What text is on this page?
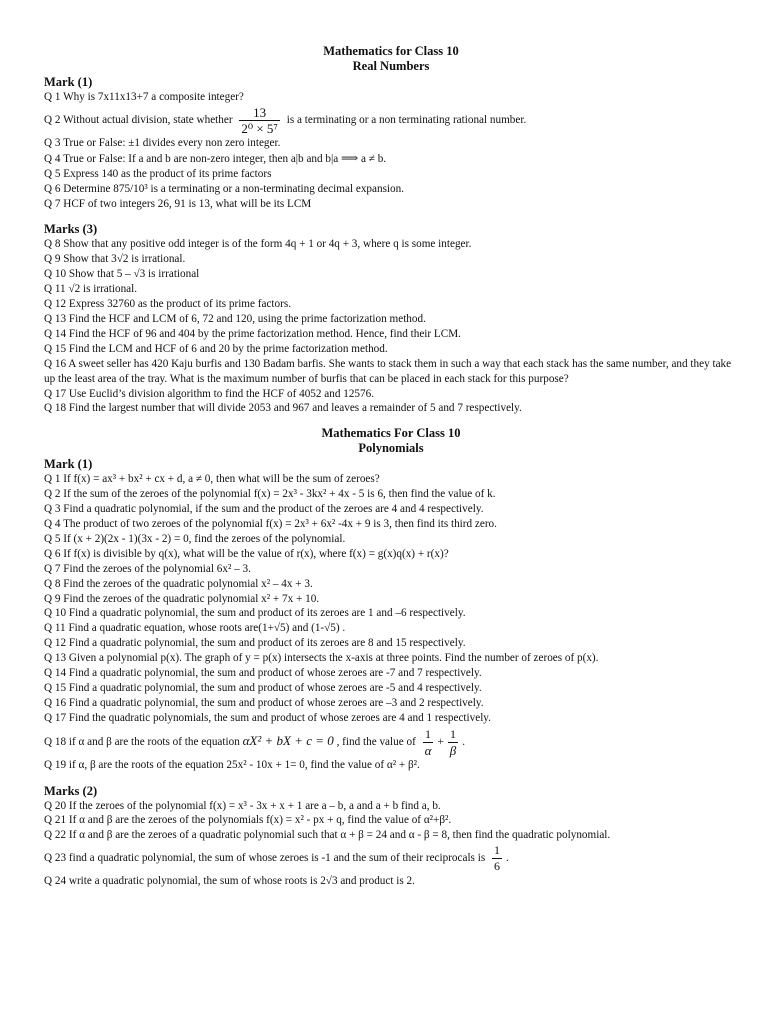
Mathematics for Class 10

Real Numbers

Mark (1)

Q 1 Why is 7x11x13+7 a composite integer?

Q 2 Without actual division, state whether $\frac{13}{\text{2⁰ × 5⁷}}$ is a terminating or a non terminating rational number.

Q 3 True or False: ±1 divides every non zero integer.

Q 4 True or False: If a and b are non-zero integer, then a|b and b|a ⟹ a ≠ b.

Q 5 Express 140 as the product of its prime factors

Q 6 Determine 875/10³ is a terminating or a non-terminating decimal expansion.

Q 7 HCF of two integers 26, 91 is 13, what will be its LCM

Marks (3)

Q 8 Show that any positive odd integer is of the form 4q + 1 or 4q + 3, where q is some integer.

Q 9 Show that 3√2 is irrational.

Q 10 Show that 5 – √3 is irrational

Q 11 √2 is irrational.

Q 12 Express 32760 as the product of its prime factors.

Q 13 Find the HCF and LCM of 6, 72 and 120, using the prime factorization method.

Q 14 Find the HCF of 96 and 404 by the prime factorization method. Hence, find their LCM.

Q 15 Find the LCM and HCF of 6 and 20 by the prime factorization method.

Q 16 A sweet seller has 420 Kaju burfis and 130 Badam barfis. She wants to stack them in such a way that each stack has the same number, and they take up the least area of the tray. What is the maximum number of burfis that can be placed in each stack for this purpose?

Q 17 Use Euclid’s division algorithm to find the HCF of 4052 and 12576.

Q 18 Find the largest number that will divide 2053 and 967 and leaves a remainder of 5 and 7 respectively.

Mathematics For Class 10

Polynomials

Mark (1)

Q 1 If f(x) = ax³ + bx² + cx + d, a ≠ 0, then what will be the sum of zeroes?

Q 2 If the sum of the zeroes of the polynomial f(x) = 2x³ - 3kx² + 4x - 5 is 6, then find the value of k.

Q 3 Find a quadratic polynomial, if the sum and the product of the zeroes are 4 and 4 respectively.

Q 4 The product of two zeroes of the polynomial f(x) = 2x³ + 6x² -4x + 9 is 3, then find its third zero.

Q 5 If (x + 2)(2x - 1)(3x - 2) = 0, find the zeroes of the polynomial.

Q 6 If f(x) is divisible by q(x), what will be the value of r(x), where f(x) = g(x)q(x) + r(x)?

Q 7 Find the zeroes of the polynomial 6x² – 3.

Q 8 Find the zeroes of the quadratic polynomial x² – 4x + 3.

Q 9 Find the zeroes of the quadratic polynomial x² + 7x + 10.

Q 10 Find a quadratic polynomial, the sum and product of its zeroes are 1 and –6 respectively.

Q 11 Find a quadratic equation, whose roots are(1+√5) and (1-√5) .

Q 12 Find a quadratic polynomial, the sum and product of its zeroes are 8 and 15 respectively.

Q 13 Given a polynomial p(x). The graph of y = p(x) intersects the x-axis at three points. Find the number of zeroes of p(x).

Q 14 Find a quadratic polynomial, the sum and product of whose zeroes are -7 and 7 respectively.

Q 15 Find a quadratic polynomial, the sum and product of whose zeroes are -5 and 4 respectively.

Q 16 Find a quadratic polynomial, the sum and product of whose zeroes are –3 and 2 respectively.

Q 17 Find the quadratic polynomials, the sum and product of whose zeroes are 4 and 1 respectively.

Q 18 if α and β are the roots of the equation αX² + bX + c = 0 , find the value of $\frac{1}{\alpha} + \frac{1}{\beta}$ .

Q 19 if α, β are the roots of the equation 25x² - 10x + 1= 0, find the value of α² + β².

Marks (2)

Q 20 If the zeroes of the polynomial f(x) = x³ - 3x + x + 1 are a – b, a and a + b find a, b.

Q 21 If α and β are the zeroes of the polynomials f(x) = x² - px + q, find the value of α²+β².

Q 22 If α and β are the zeroes of a quadratic polynomial such that α + β = 24 and α - β = 8, then find the quadratic polynomial.

Q 23 find a quadratic polynomial, the sum of whose zeroes is -1 and the sum of their reciprocals is $\frac{1}{6}$ .

Q 24 write a quadratic polynomial, the sum of whose roots is 2√3 and product is 2.
